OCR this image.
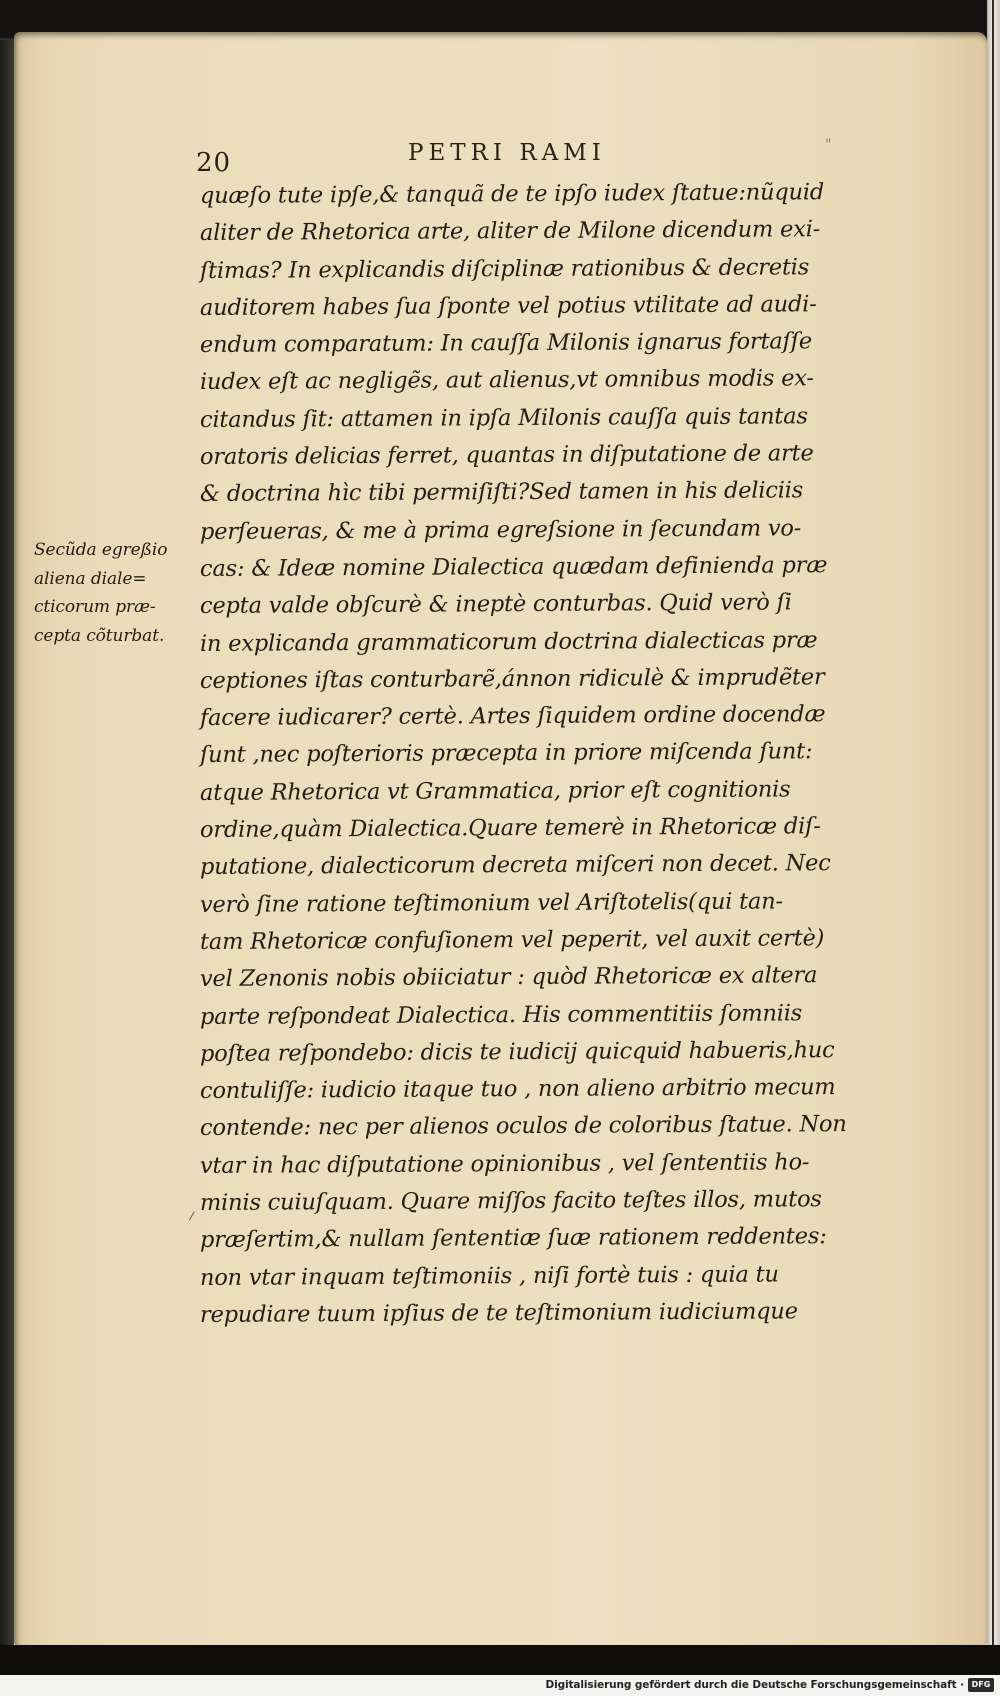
20	PETRI RAMI	"
Secũda egreßio
aliena diale=
cticorum præ-
cepta cõturbat.
quæſo tute ipſe,& tanquã de te ipſo iudex ſtatue:nũquid
aliter de Rhetorica arte, aliter de Milone dicendum exi-
ſtimas? In explicandis diſciplinæ rationibus & decretis
auditorem habes ſua ſponte vel potius vtilitate ad audi-
endum comparatum: In cauſſa Milonis ignarus fortaſſe
iudex eſt ac negligẽs, aut alienus,vt omnibus modis ex-
citandus ſit: attamen in ipſa Milonis cauſſa quis tantas
oratoris delicias ferret, quantas in diſputatione de arte
& doctrina hìc tibi permiſiſti?Sed tamen in his deliciis
perſeueras, & me à prima egreſsione in ſecundam vo-
cas: & Ideæ nomine Dialectica quædam definienda præ
cepta valde obſcurè & ineptè conturbas. Quid verò ſi
in explicanda grammaticorum doctrina dialecticas præ
ceptiones iſtas conturbarẽ,ánnon ridiculè & imprudẽter
facere iudicarer? certè. Artes ſiquidem ordine docendæ
ſunt ,nec poſterioris præcepta in priore miſcenda ſunt:
atque Rhetorica vt Grammatica, prior eſt cognitionis
ordine,quàm Dialectica.Quare temerè in Rhetoricæ diſ-
putatione, dialecticorum decreta miſceri non decet. Nec
verò ſine ratione teſtimonium vel Ariſtotelis(qui tan-
tam Rhetoricæ confuſionem vel peperit, vel auxit certè)
vel Zenonis nobis obiiciatur : quòd Rhetoricæ ex altera
parte reſpondeat Dialectica. His commentitiis ſomniis
poſtea reſpondebo: dicis te iudicij quicquid habueris,huc
contuliſſe: iudicio itaque tuo , non alieno arbitrio mecum
contende: nec per alienos oculos de coloribus ſtatue. Non
vtar in hac diſputatione opinionibus , vel ſententiis ho-
minis cuiuſquam. Quare miſſos facito teſtes illos, mutos
præſertim,& nullam ſententiæ ſuæ rationem reddentes:
non vtar inquam teſtimoniis , niſi fortè tuis : quia tu
repudiare tuum ipſius de te teſtimonium iudiciumque
Digitalisierung gefördert durch die Deutsche Forschungsgemeinschaft · DFG
